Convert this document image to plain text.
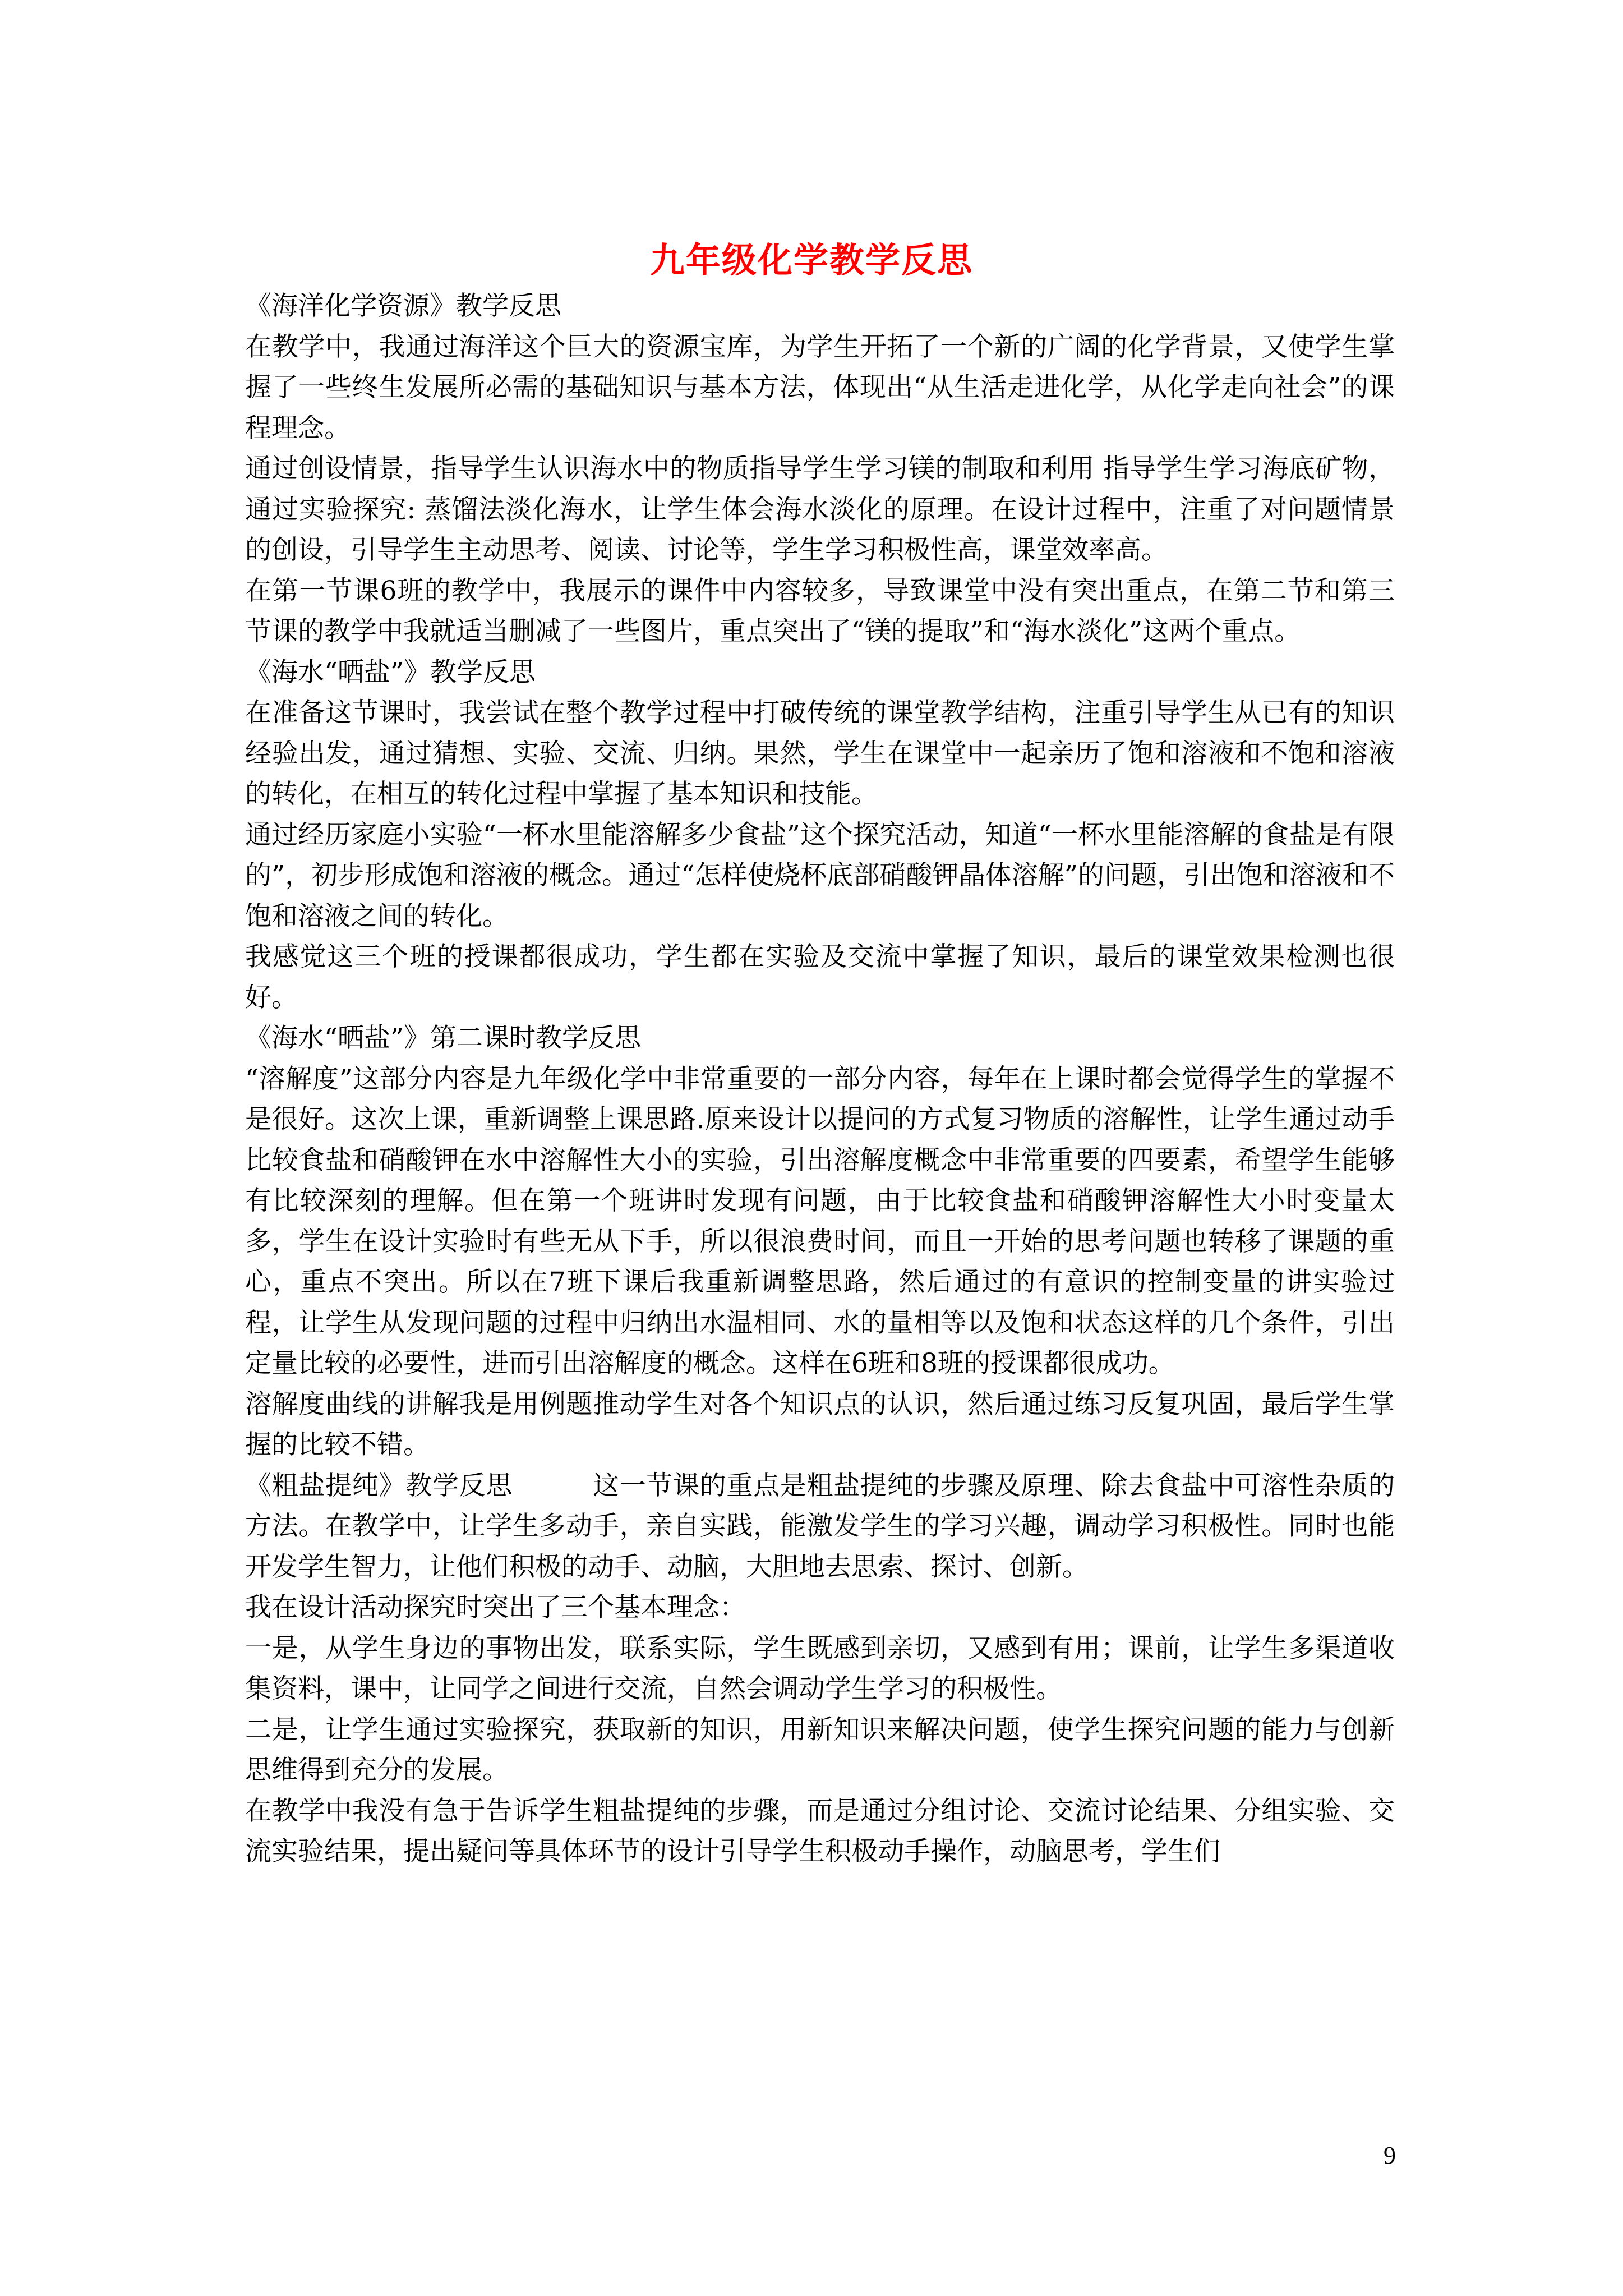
九年级化学教学反思

《海洋化学资源》教学反思

在教学中，我通过海洋这个巨大的资源宝库，为学生开拓了一个新的广阔的化学背景，又使学生掌握了一些终生发展所必需的基础知识与基本方法，体现出“从生活走进化学，从化学走向社会”的课程理念。

通过创设情景，指导学生认识海水中的物质指导学生学习镁的制取和利用 指导学生学习海底矿物，通过实验探究: 蒸馏法淡化海水，让学生体会海水淡化的原理。在设计过程中，注重了对问题情景的创设，引导学生主动思考、阅读、讨论等，学生学习积极性高，课堂效率高。

在第一节课6班的教学中，我展示的课件中内容较多，导致课堂中没有突出重点，在第二节和第三节课的教学中我就适当删减了一些图片，重点突出了“镁的提取”和“海水淡化”这两个重点。

《海水“晒盐”》教学反思

在准备这节课时，我尝试在整个教学过程中打破传统的课堂教学结构，注重引导学生从已有的知识经验出发，通过猜想、实验、交流、归纳。果然，学生在课堂中一起亲历了饱和溶液和不饱和溶液的转化，在相互的转化过程中掌握了基本知识和技能。

通过经历家庭小实验“一杯水里能溶解多少食盐”这个探究活动，知道“一杯水里能溶解的食盐是有限的”，初步形成饱和溶液的概念。通过“怎样使烧杯底部硝酸钾晶体溶解”的问题，引出饱和溶液和不饱和溶液之间的转化。

我感觉这三个班的授课都很成功，学生都在实验及交流中掌握了知识，最后的课堂效果检测也很好。

《海水“晒盐”》第二课时教学反思

“溶解度”这部分内容是九年级化学中非常重要的一部分内容，每年在上课时都会觉得学生的掌握不是很好。这次上课，重新调整上课思路.原来设计以提问的方式复习物质的溶解性，让学生通过动手比较食盐和硝酸钾在水中溶解性大小的实验，引出溶解度概念中非常重要的四要素，希望学生能够有比较深刻的理解。但在第一个班讲时发现有问题，由于比较食盐和硝酸钾溶解性大小时变量太多，学生在设计实验时有些无从下手，所以很浪费时间，而且一开始的思考问题也转移了课题的重心，重点不突出。所以在7班下课后我重新调整思路，然后通过的有意识的控制变量的讲实验过程，让学生从发现问题的过程中归纳出水温相同、水的量相等以及饱和状态这样的几个条件，引出定量比较的必要性，进而引出溶解度的概念。这样在6班和8班的授课都很成功。

溶解度曲线的讲解我是用例题推动学生对各个知识点的认识，然后通过练习反复巩固，最后学生掌握的比较不错。

《粗盐提纯》教学反思　　　这一节课的重点是粗盐提纯的步骤及原理、除去食盐中可溶性杂质的方法。在教学中，让学生多动手，亲自实践，能激发学生的学习兴趣，调动学习积极性。同时也能开发学生智力，让他们积极的动手、动脑，大胆地去思索、探讨、创新。

我在设计活动探究时突出了三个基本理念：

一是，从学生身边的事物出发，联系实际，学生既感到亲切，又感到有用；课前，让学生多渠道收集资料，课中，让同学之间进行交流，自然会调动学生学习的积极性。

二是，让学生通过实验探究，获取新的知识，用新知识来解决问题，使学生探究问题的能力与创新思维得到充分的发展。

在教学中我没有急于告诉学生粗盐提纯的步骤，而是通过分组讨论、交流讨论结果、分组实验、交流实验结果，提出疑问等具体环节的设计引导学生积极动手操作，动脑思考，学生们

9
